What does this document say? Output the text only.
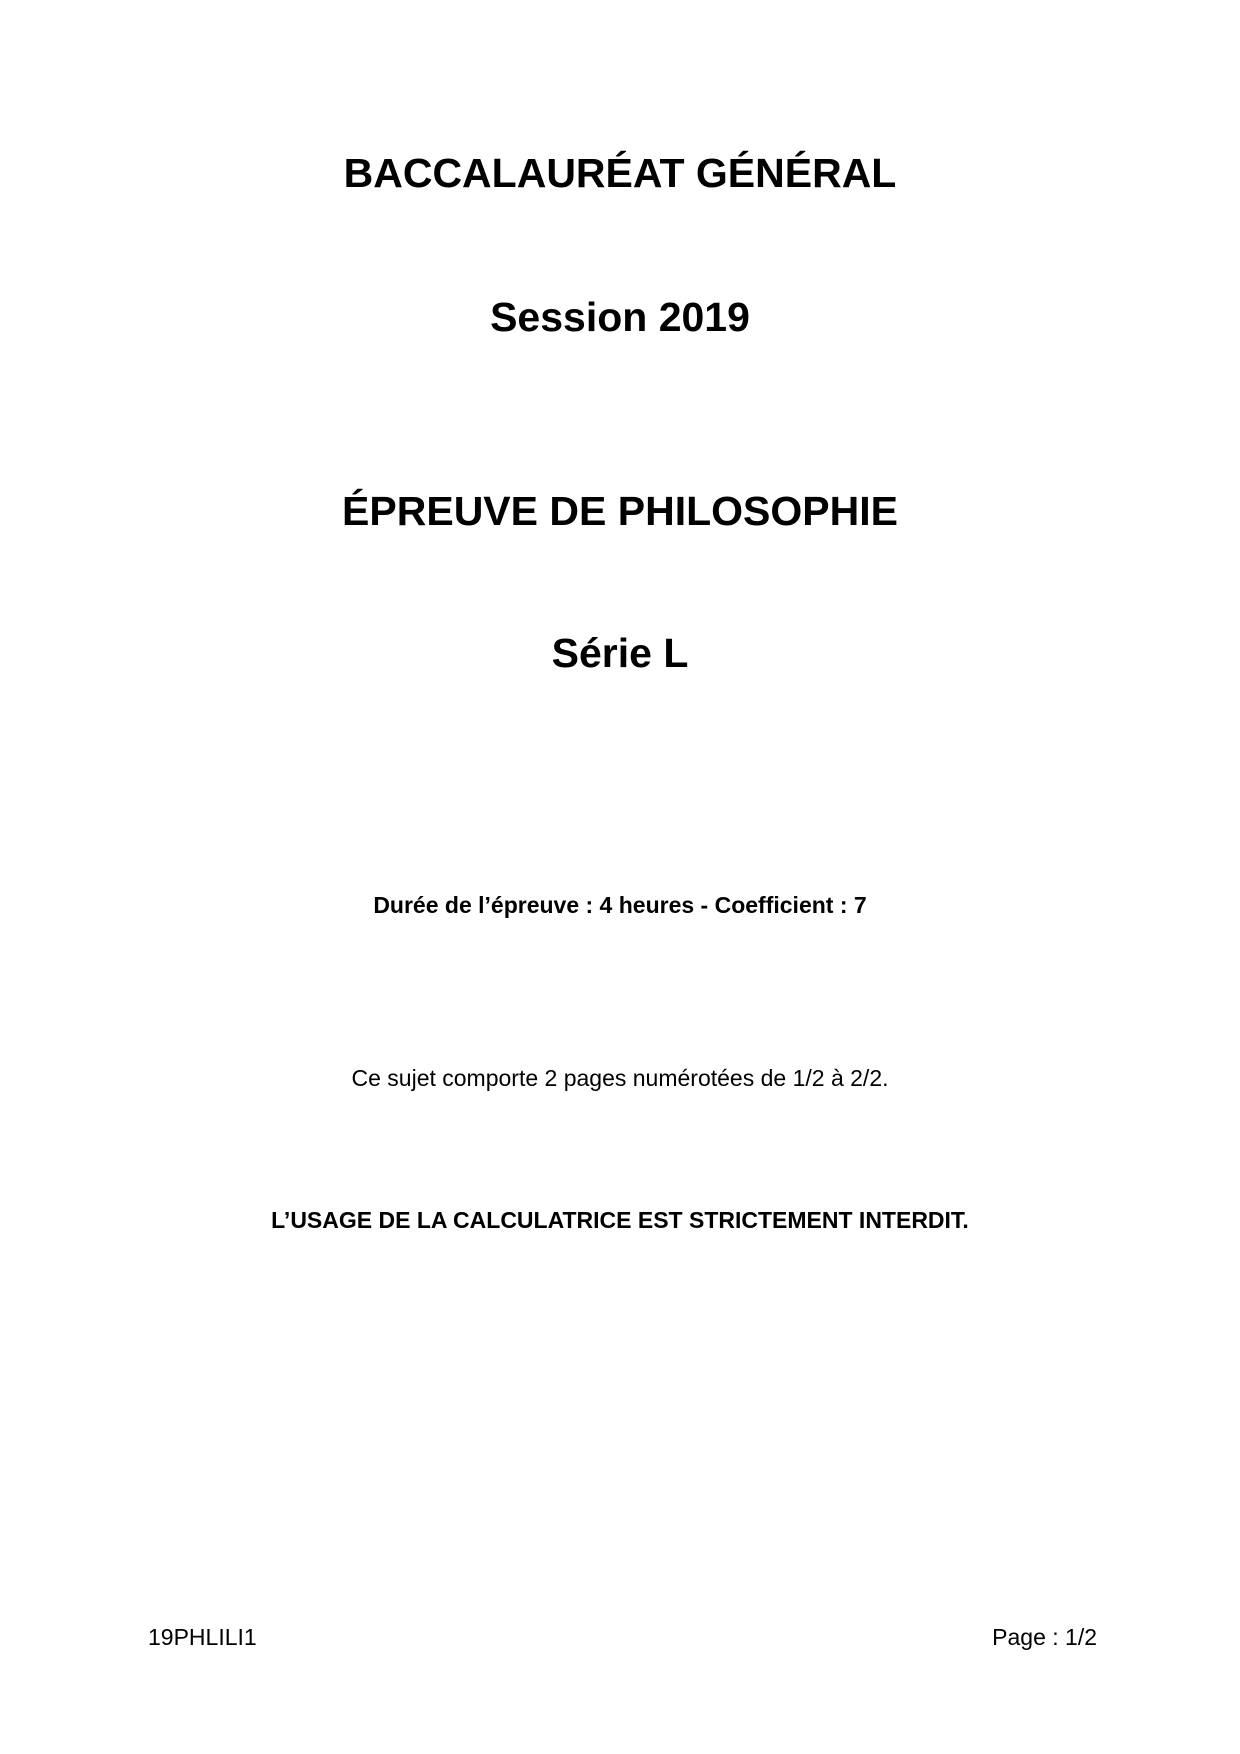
BACCALAURÉAT GÉNÉRAL
Session 2019
ÉPREUVE DE PHILOSOPHIE
Série L
Durée de l’épreuve : 4 heures - Coefficient : 7
Ce sujet comporte 2 pages numérotées de 1/2 à 2/2.
L’USAGE DE LA CALCULATRICE EST STRICTEMENT INTERDIT.
19PHLILI1	Page : 1/2
